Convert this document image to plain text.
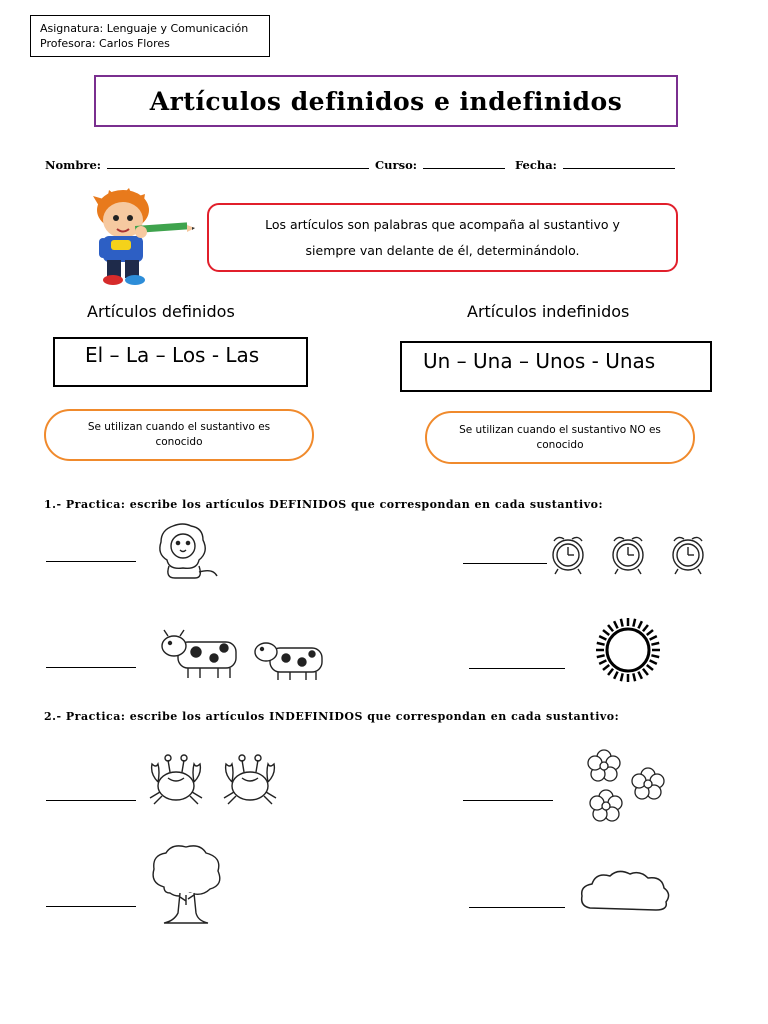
Asignatura: Lenguaje y Comunicación
Profesora: Carlos Flores
Artículos definidos e indefinidos
Nombre:	Curso:	Fecha:
Los artículos son palabras que acompaña al sustantivo y
siempre van delante de él, determinándolo.
Artículos definidos	Artículos indefinidos
El – La – Los - Las	Un – Una – Unos - Unas
Se utilizan cuando el sustantivo es
conocido
Se utilizan cuando el sustantivo NO es
conocido
1.- Practica: escribe los artículos DEFINIDOS que correspondan en cada sustantivo:
2.- Practica: escribe los artículos INDEFINIDOS que correspondan en cada sustantivo:
